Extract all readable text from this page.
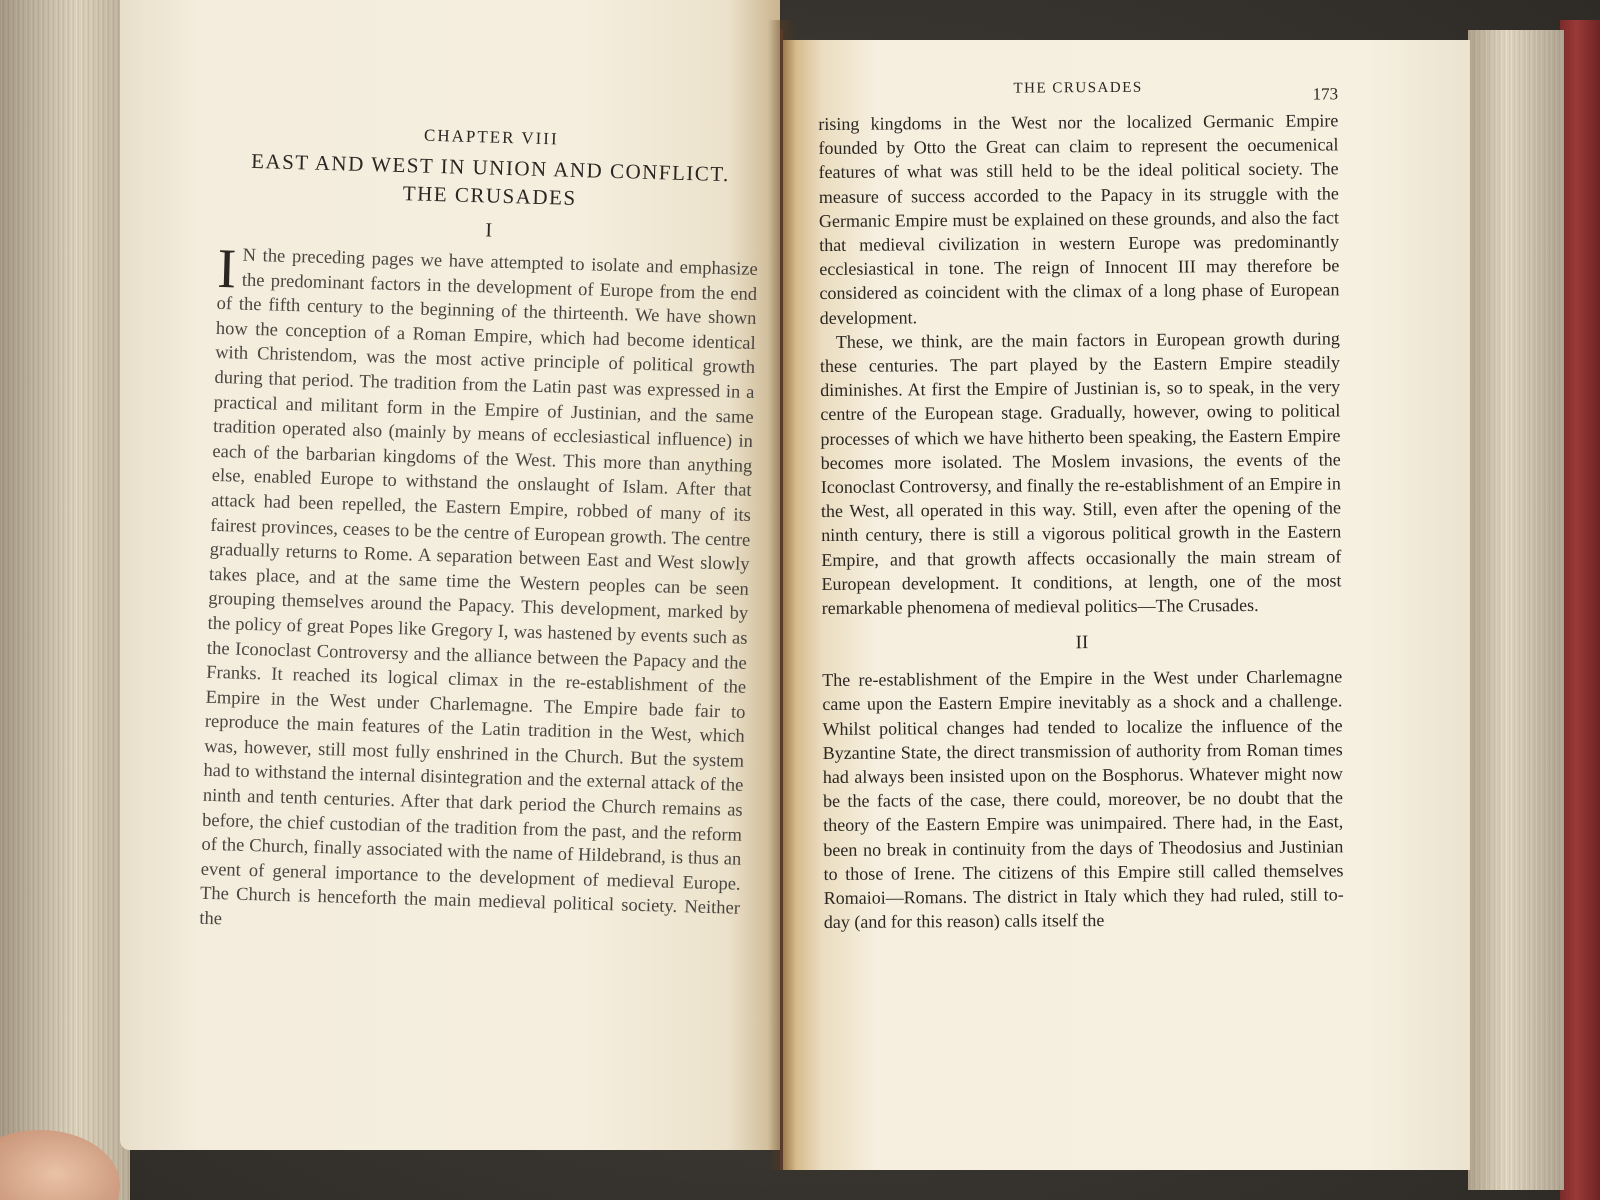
CHAPTER VIII
EAST AND WEST IN UNION AND CONFLICT.
THE CRUSADES
I

I N the preceding pages we have attempted to isolate and emphasize the predominant factors in the development of Europe from the end of the fifth century to the beginning of the thirteenth. We have shown how the conception of a Roman Empire, which had become identical with Christendom, was the most active principle of political growth during that period. The tradition from the Latin past was expressed in a practical and militant form in the Empire of Justinian, and the same tradition operated also (mainly by means of ecclesiastical influence) in each of the barbarian kingdoms of the West. This more than anything else, enabled Europe to withstand the onslaught of Islam. After that attack had been repelled, the Eastern Empire, robbed of many of its fairest provinces, ceases to be the centre of European growth. The centre gradually returns to Rome. A separation between East and West slowly takes place, and at the same time the Western peoples can be seen grouping themselves around the Papacy. This development, marked by the policy of great Popes like Gregory I, was hastened by events such as the Iconoclast Controversy and the alliance between the Papacy and the Franks. It reached its logical climax in the re-establishment of the Empire in the West under Charlemagne. The Empire bade fair to reproduce the main features of the Latin tradition in the West, which was, however, still most fully enshrined in the Church. But the system had to withstand the internal disintegration and the external attack of the ninth and tenth centuries. After that dark period the Church remains as before, the chief custodian of the tradition from the past, and the reform of the Church, finally associated with the name of Hildebrand, is thus an event of general importance to the development of medieval Europe. The Church is henceforth the main medieval political society. Neither the

THE CRUSADES	173

rising kingdoms in the West nor the localized Germanic Empire founded by Otto the Great can claim to represent the oecumenical features of what was still held to be the ideal political society. The measure of success accorded to the Papacy in its struggle with the Germanic Empire must be explained on these grounds, and also the fact that medieval civilization in western Europe was predominantly ecclesiastical in tone. The reign of Innocent III may therefore be considered as coincident with the climax of a long phase of European development.

These, we think, are the main factors in European growth during these centuries. The part played by the Eastern Empire steadily diminishes. At first the Empire of Justinian is, so to speak, in the very centre of the European stage. Gradually, however, owing to political processes of which we have hitherto been speaking, the Eastern Empire becomes more isolated. The Moslem invasions, the events of the Iconoclast Controversy, and finally the re-establishment of an Empire in the West, all operated in this way. Still, even after the opening of the ninth century, there is still a vigorous political growth in the Eastern Empire, and that growth affects occasionally the main stream of European development. It conditions, at length, one of the most remarkable phenomena of medieval politics—The Crusades.

II

The re-establishment of the Empire in the West under Charlemagne came upon the Eastern Empire inevitably as a shock and a challenge. Whilst political changes had tended to localize the influence of the Byzantine State, the direct transmission of authority from Roman times had always been insisted upon on the Bosphorus. Whatever might now be the facts of the case, there could, moreover, be no doubt that the theory of the Eastern Empire was unimpaired. There had, in the East, been no break in continuity from the days of Theodosius and Justinian to those of Irene. The citizens of this Empire still called themselves Romaioi—Romans. The district in Italy which they had ruled, still to-day (and for this reason) calls itself the
